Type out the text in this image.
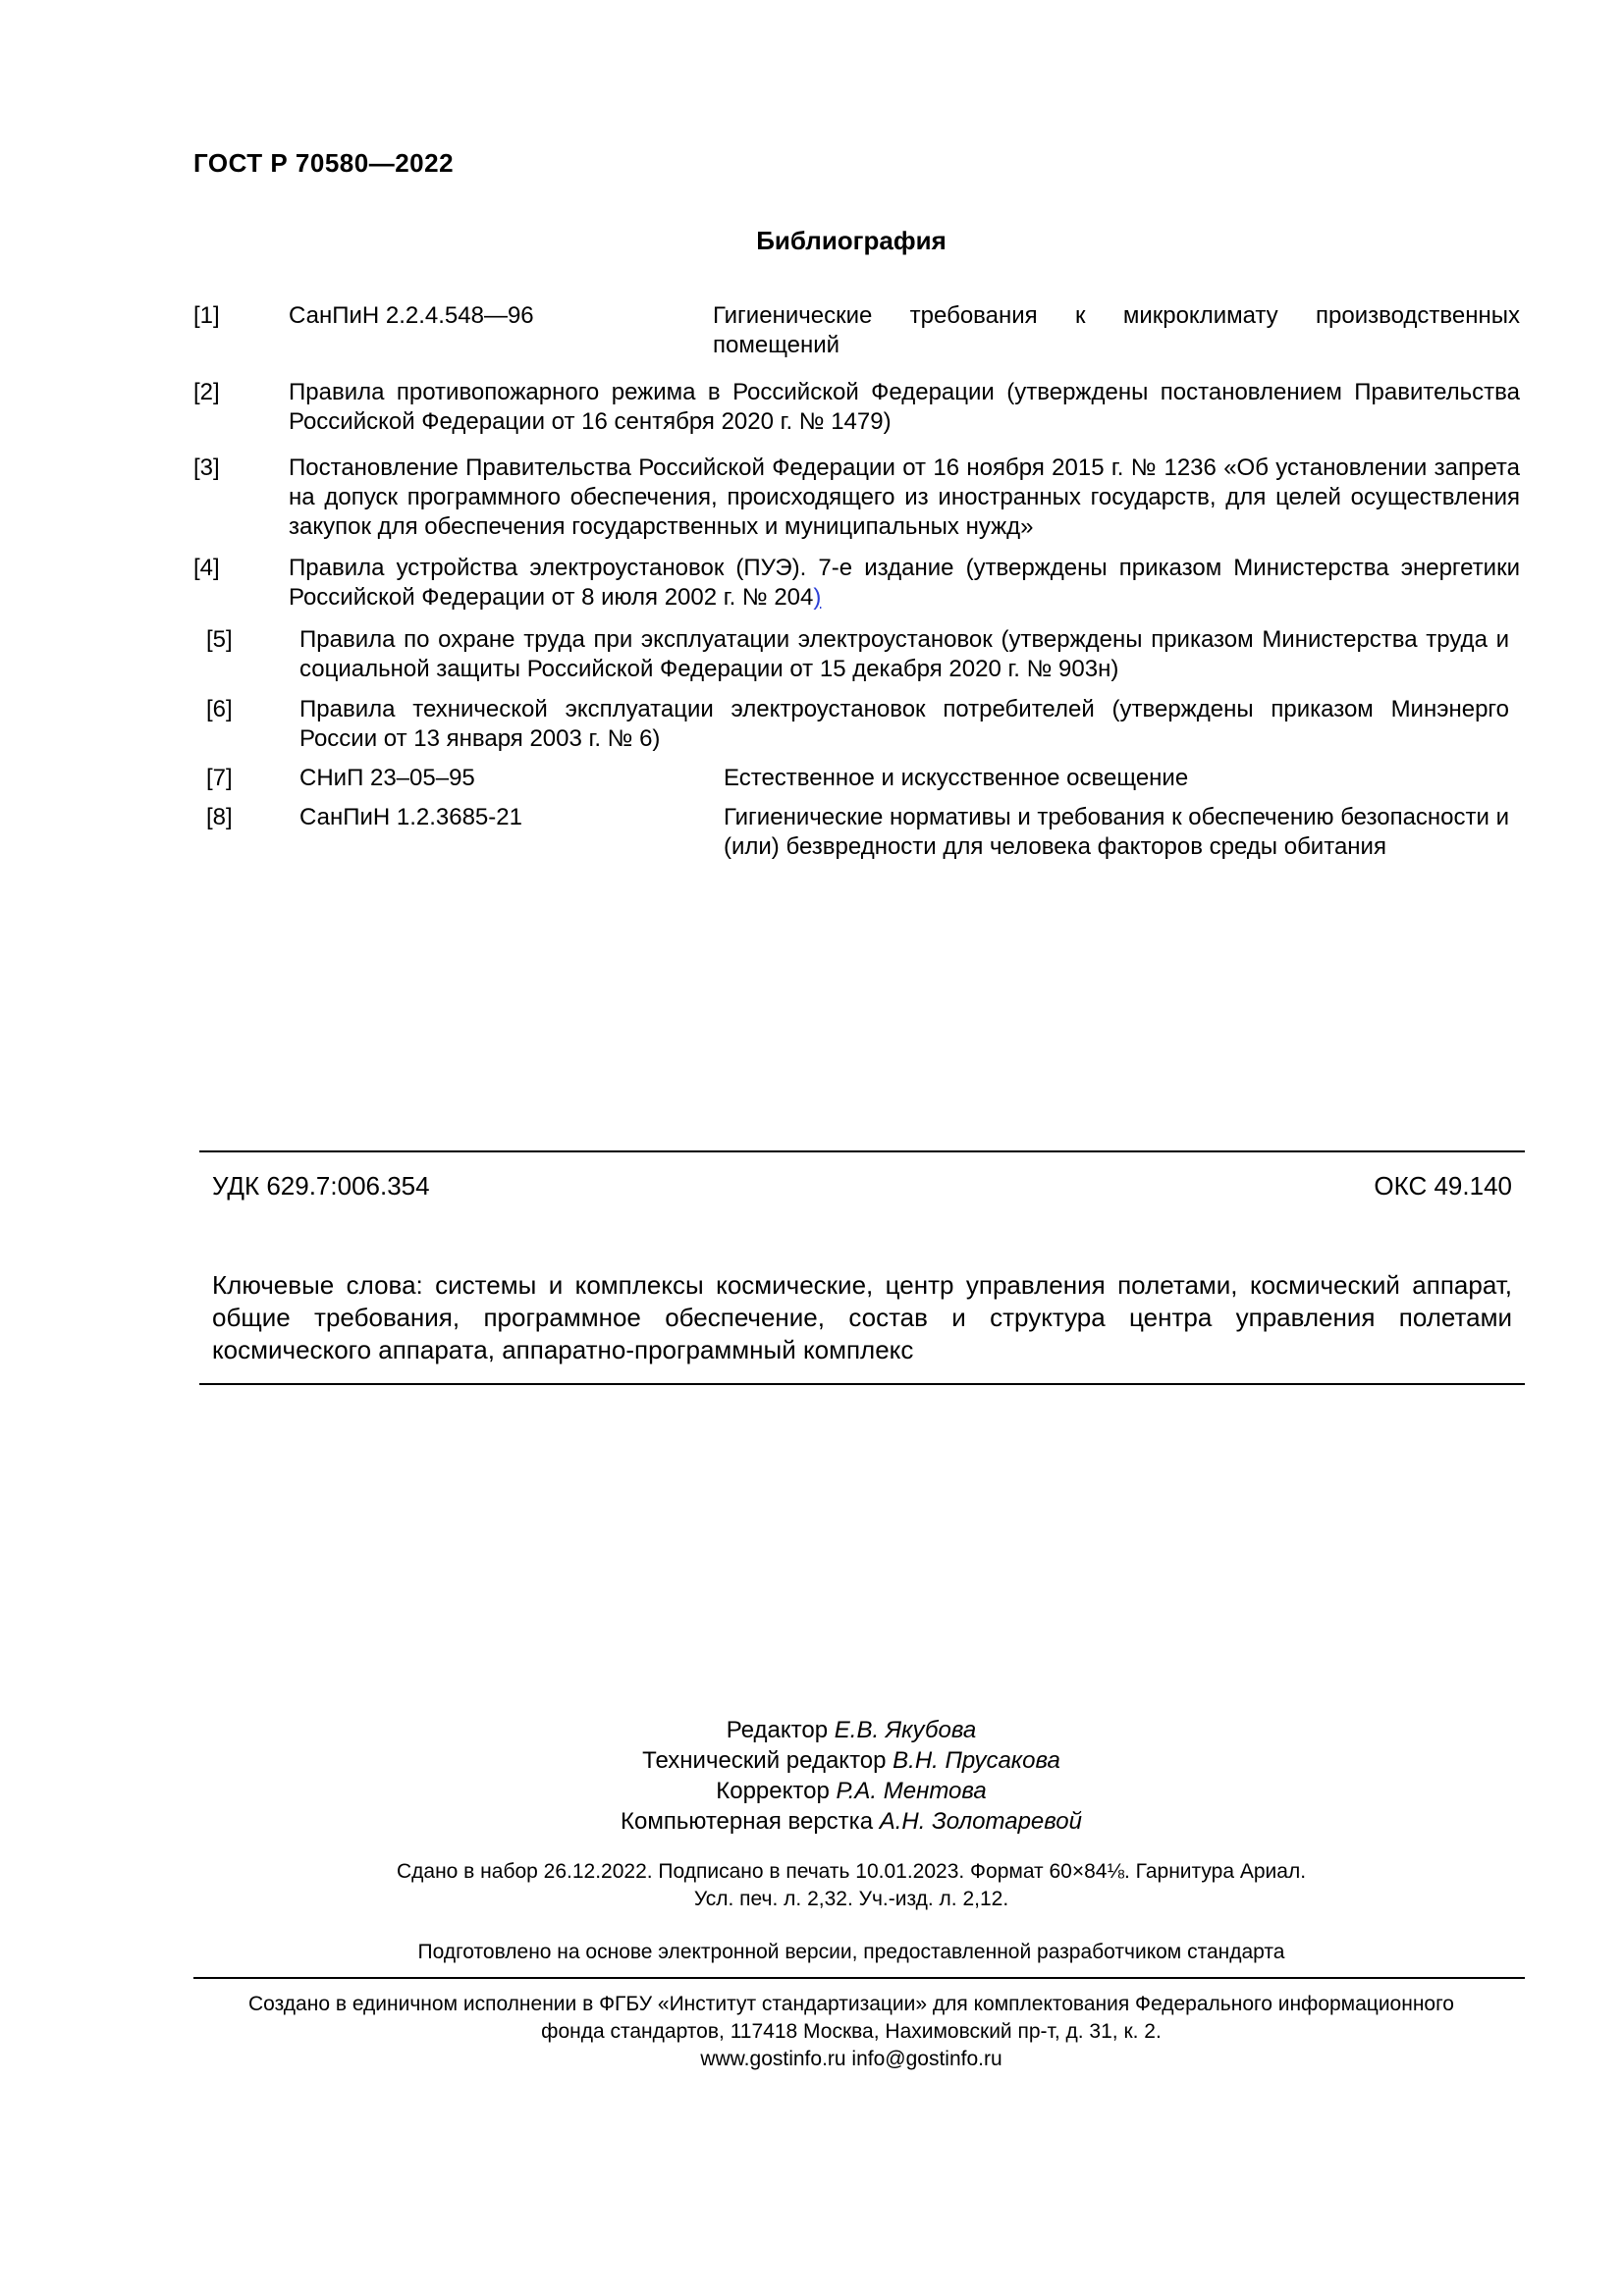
ГОСТ Р 70580—2022
Библиография
[1]	СанПиН 2.2.4.548—96	Гигиенические требования к микроклимату производственных помещений
[2]	Правила противопожарного режима в Российской Федерации (утверждены постановлением Правительства Российской Федерации от 16 сентября 2020 г. № 1479)
[3]	Постановление Правительства Российской Федерации от 16 ноября 2015 г. № 1236 «Об установлении запрета на допуск программного обеспечения, происходящего из иностранных государств, для целей осуществления закупок для обеспечения государственных и муниципальных нужд»
[4]	Правила устройства электроустановок (ПУЭ). 7-е издание (утверждены приказом Министерства энергетики Российской Федерации от 8 июля 2002 г. № 204)
[5]	Правила по охране труда при эксплуатации электроустановок (утверждены приказом Министерства труда и социальной защиты Российской Федерации от 15 декабря 2020 г. № 903н)
[6]	Правила технической эксплуатации электроустановок потребителей (утверждены приказом Минэнерго России от 13 января 2003 г. № 6)
[7]	СНиП 23–05–95	Естественное и искусственное освещение
[8]	СанПиН 1.2.3685-21	Гигиенические нормативы и требования к обеспечению безопасности и (или) безвредности для человека факторов среды обитания
УДК 629.7:006.354	ОКС 49.140
Ключевые слова: системы и комплексы космические, центр управления полетами, космический аппарат, общие требования, программное обеспечение, состав и структура центра управления полетами космического аппарата, аппаратно-программный комплекс
Редактор Е.В. Якубова
Технический редактор В.Н. Прусакова
Корректор Р.А. Ментова
Компьютерная верстка А.Н. Золотаревой
Сдано в набор 26.12.2022. Подписано в печать 10.01.2023. Формат 60×84⅛. Гарнитура Ариал.
Усл. печ. л. 2,32. Уч.-изд. л. 2,12.
Подготовлено на основе электронной версии, предоставленной разработчиком стандарта
Создано в единичном исполнении в ФГБУ «Институт стандартизации» для комплектования Федерального информационного
фонда стандартов, 117418 Москва, Нахимовский пр-т, д. 31, к. 2.
www.gostinfo.ru info@gostinfo.ru
